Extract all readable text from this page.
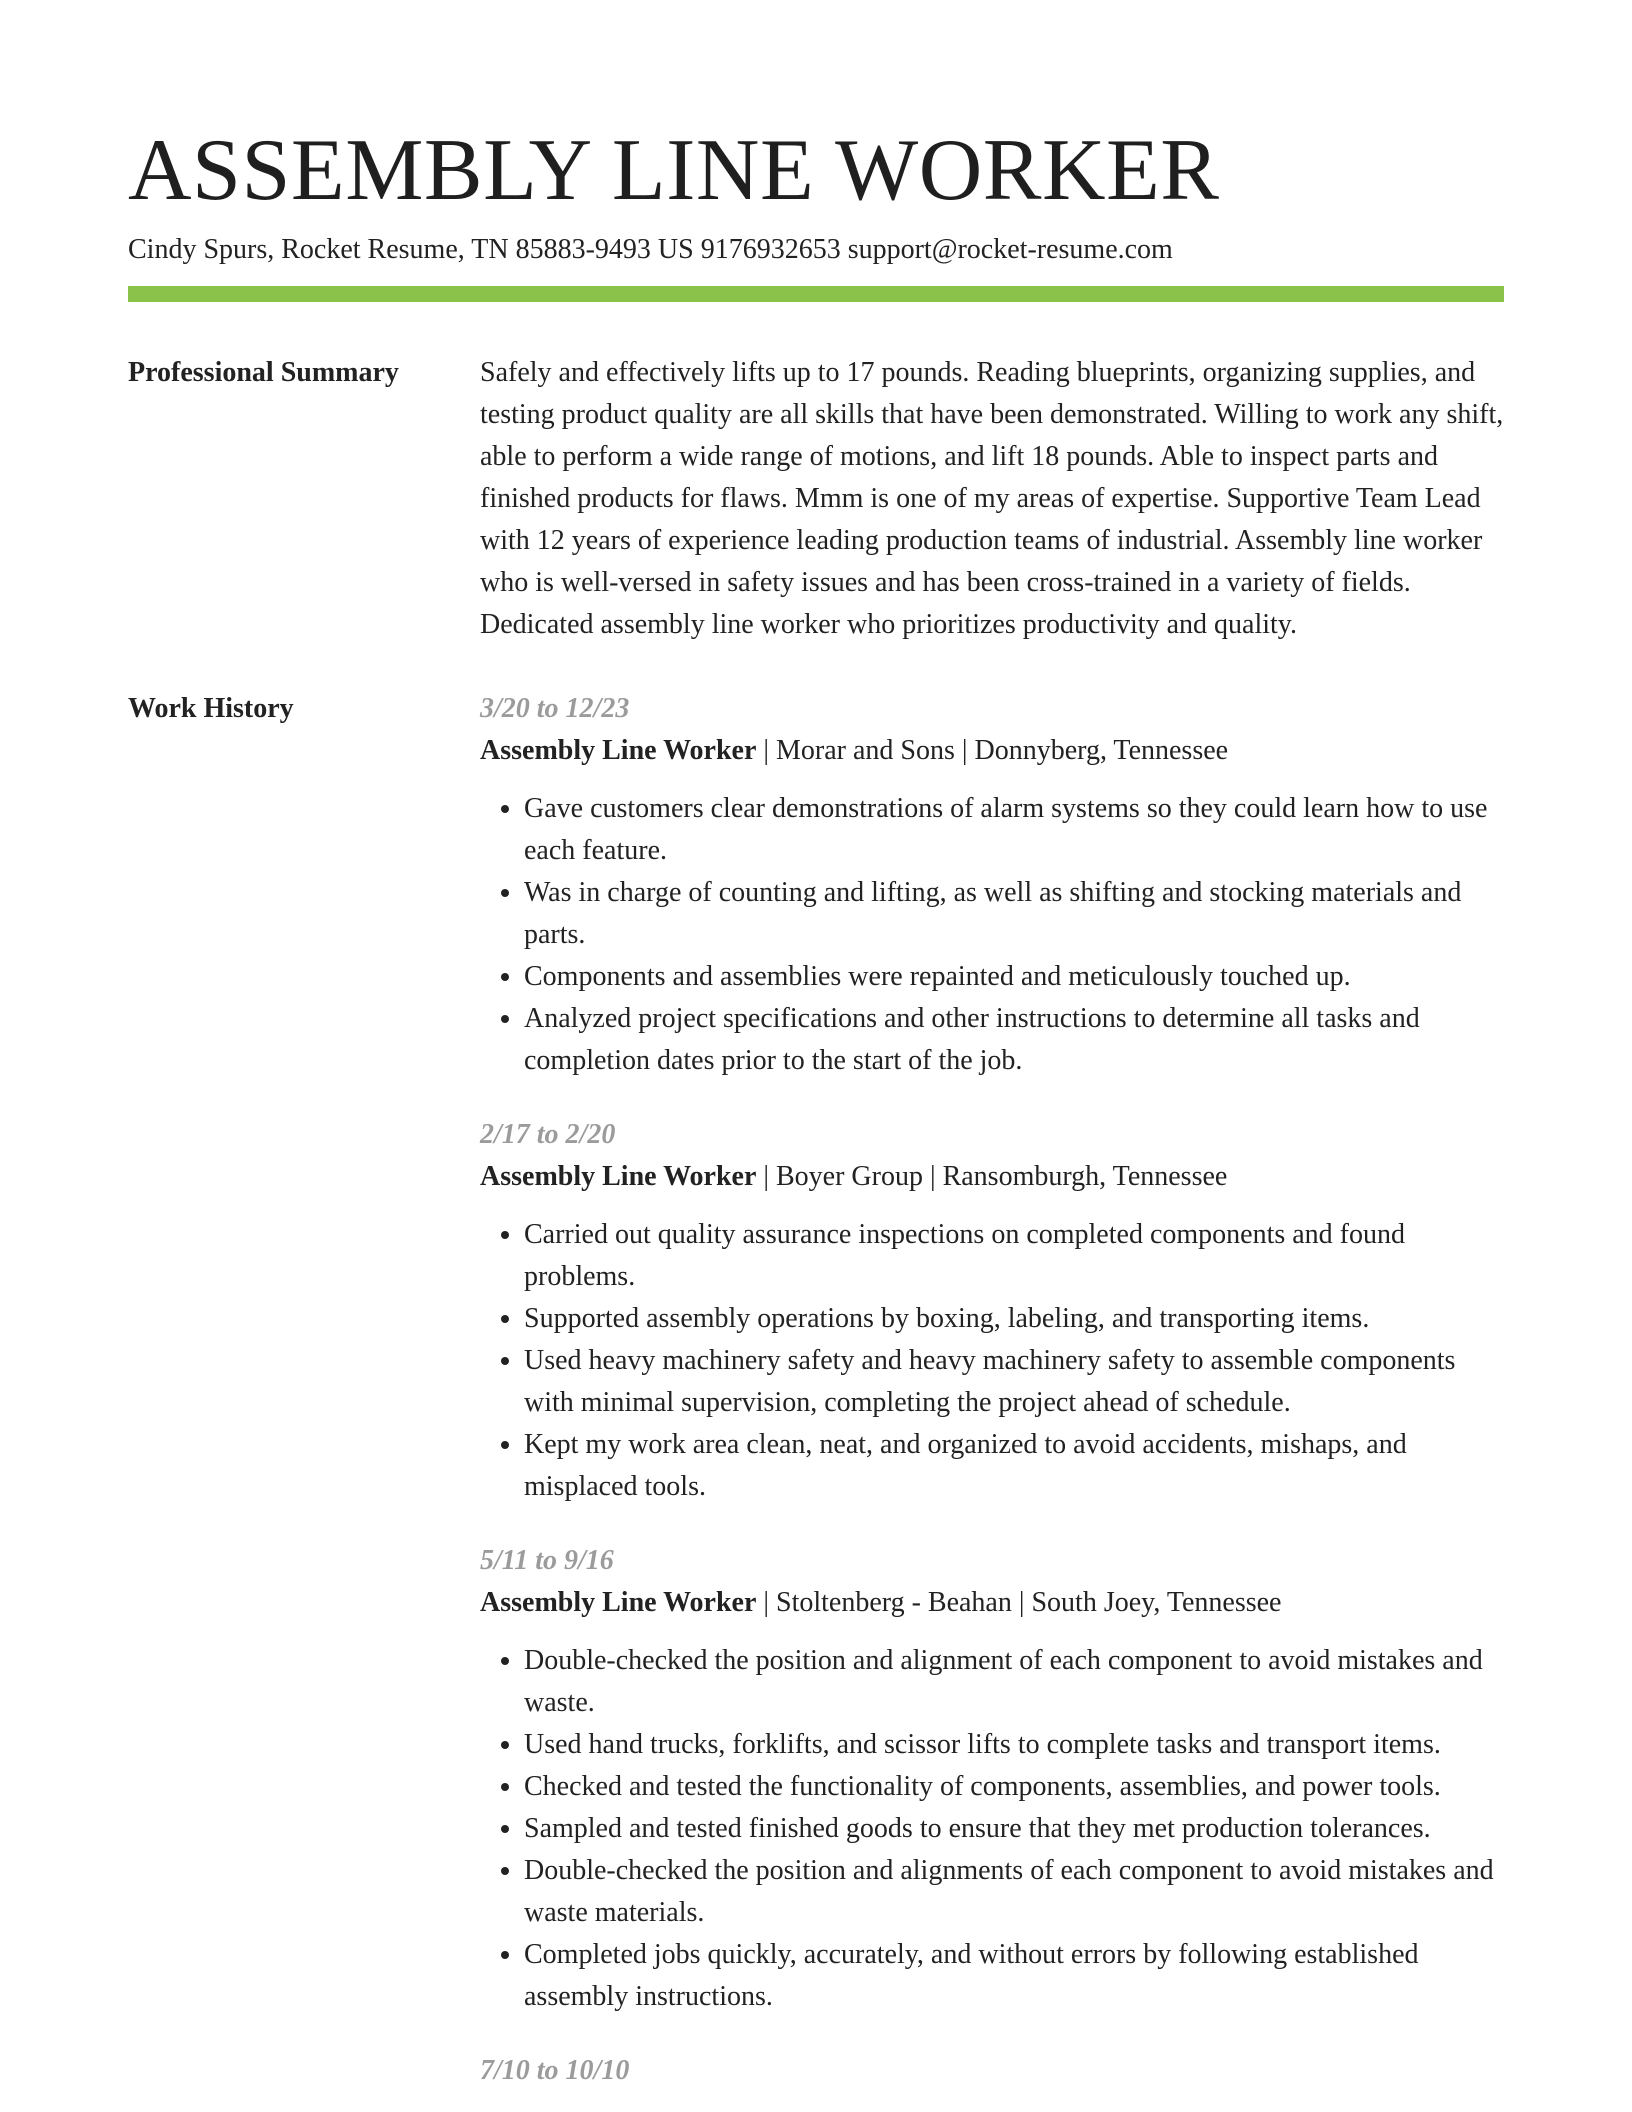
ASSEMBLY LINE WORKER
Cindy Spurs, Rocket Resume, TN 85883-9493 US 9176932653 support@rocket-resume.com
Professional Summary	Safely and effectively lifts up to 17 pounds. Reading blueprints, organizing supplies, and testing product quality are all skills that have been demonstrated. Willing to work any shift, able to perform a wide range of motions, and lift 18 pounds. Able to inspect parts and finished products for flaws. Mmm is one of my areas of expertise. Supportive Team Lead with 12 years of experience leading production teams of industrial. Assembly line worker who is well-versed in safety issues and has been cross-trained in a variety of fields. Dedicated assembly line worker who prioritizes productivity and quality.

Work History	3/20 to 12/23
Assembly Line Worker | Morar and Sons | Donnyberg, Tennessee
• Gave customers clear demonstrations of alarm systems so they could learn how to use each feature.
• Was in charge of counting and lifting, as well as shifting and stocking materials and parts.
• Components and assemblies were repainted and meticulously touched up.
• Analyzed project specifications and other instructions to determine all tasks and completion dates prior to the start of the job.
2/17 to 2/20
Assembly Line Worker | Boyer Group | Ransomburgh, Tennessee
• Carried out quality assurance inspections on completed components and found problems.
• Supported assembly operations by boxing, labeling, and transporting items.
• Used heavy machinery safety and heavy machinery safety to assemble components with minimal supervision, completing the project ahead of schedule.
• Kept my work area clean, neat, and organized to avoid accidents, mishaps, and misplaced tools.
5/11 to 9/16
Assembly Line Worker | Stoltenberg - Beahan | South Joey, Tennessee
• Double-checked the position and alignment of each component to avoid mistakes and waste.
• Used hand trucks, forklifts, and scissor lifts to complete tasks and transport items.
• Checked and tested the functionality of components, assemblies, and power tools.
• Sampled and tested finished goods to ensure that they met production tolerances.
• Double-checked the position and alignments of each component to avoid mistakes and waste materials.
• Completed jobs quickly, accurately, and without errors by following established assembly instructions.
7/10 to 10/10
